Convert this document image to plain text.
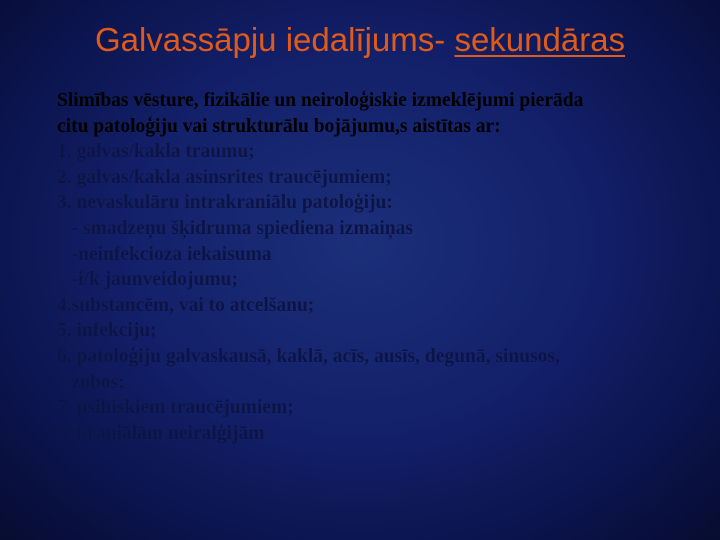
Galvassāpju iedalījums- sekundāras
Slimības vēsture, fizikālie un neiroloģiskie izmeklējumi pierāda
citu patoloģiju vai strukturālu bojājumu,s aistītas ar:
1. galvas/kakla traumu;
2. galvas/kakla asinsrites traucējumiem;
3. nevaskulāru intrakraniālu patoloģiju:
- smadzeņu šķidruma spiediena izmaiņas
-neinfekcioza iekaisuma
-i/k jaunveidojumu;
4.substancēm, vai to atcelšanu;
5. infekciju;
6. patoloģiju galvaskausā, kaklā, acīs, ausīs, degunā, sinusos,
zobos;
7. psihiskiem traucējumiem;
8. kraniālām neiralģijām
